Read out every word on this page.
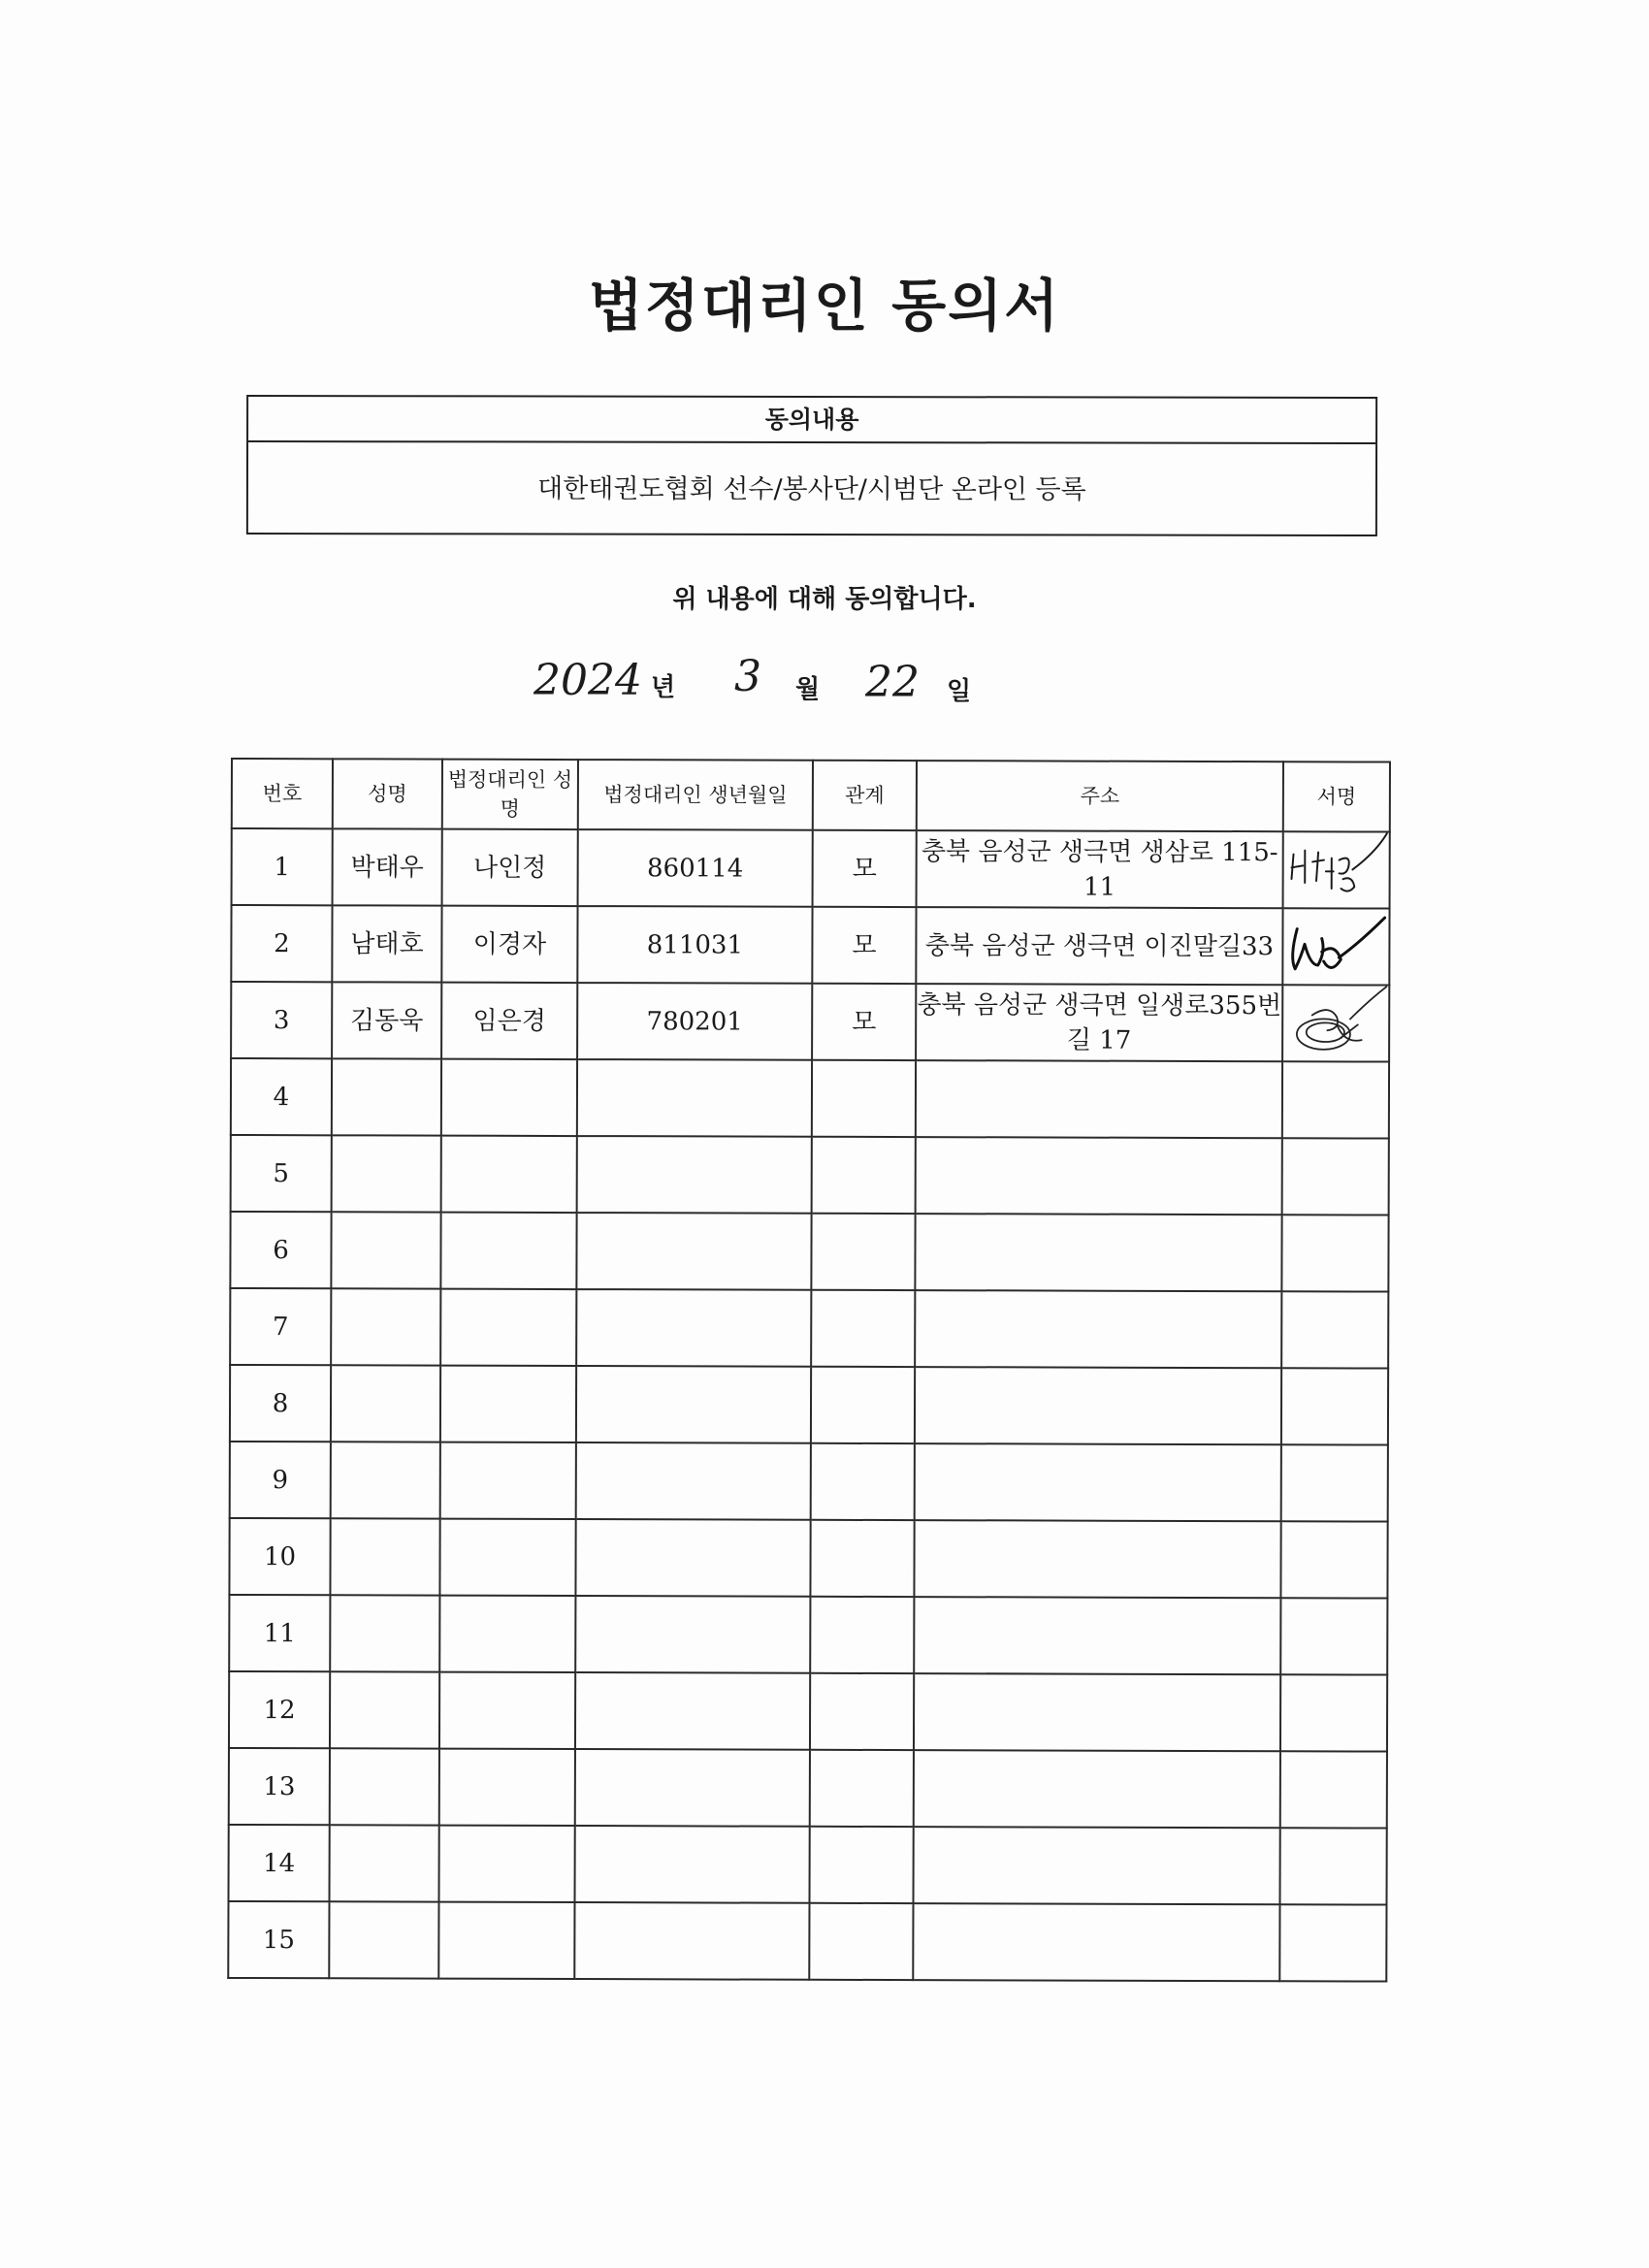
법정대리인 동의서
동의내용
대한태권도협회 선수/봉사단/시범단 온라인 등록
위 내용에 대해 동의합니다.
2024 년 3 월 22 일
번호	성명	법정대리인 성명	법정대리인 생년월일	관계	주소	서명
1	박태우	나인정	860114	모	충북 음성군 생극면 생삼로 115-11	

2	남태호	이경자	811031	모	충북 음성군 생극면 이진말길33	

3	김동욱	임은경	780201	모	충북 음성군 생극면 일생로355번길 17	

4						
5						
6						
7						
8						
9						
10						
11						
12						
13						
14						
15						
